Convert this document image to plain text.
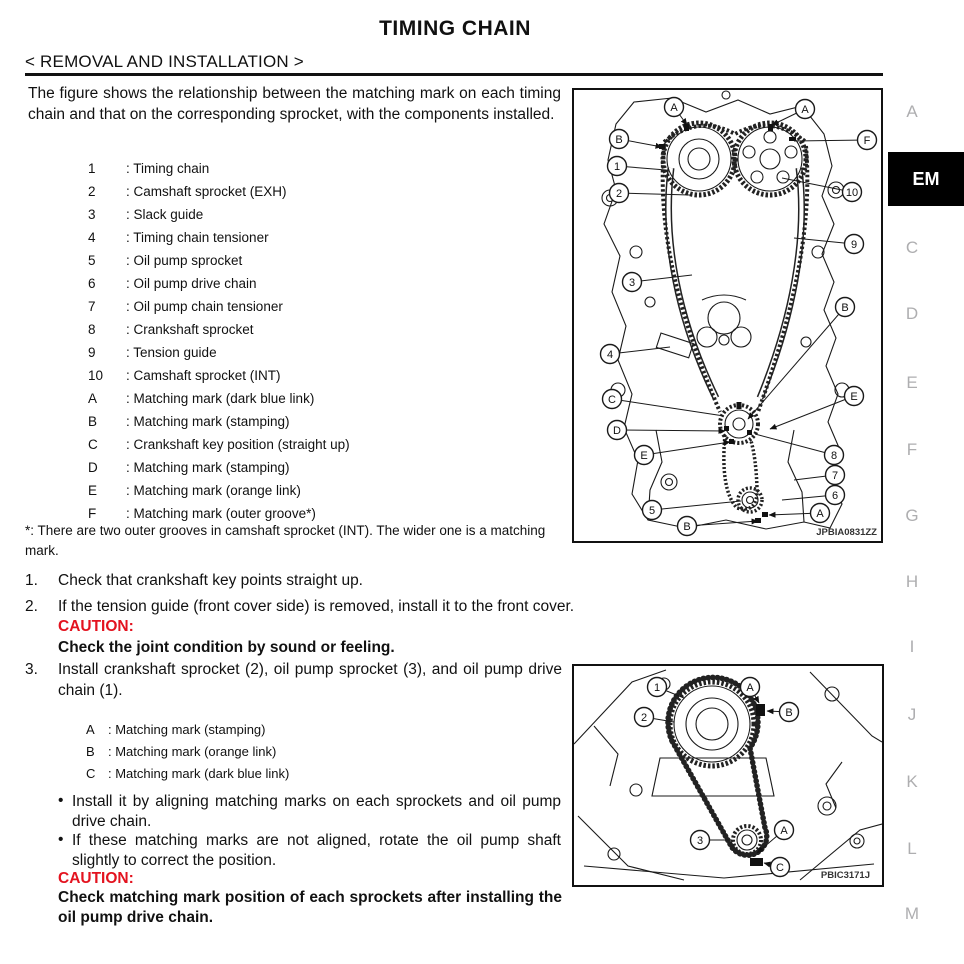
TIMING CHAIN
< REMOVAL AND INSTALLATION >
The figure shows the relationship between the matching mark on each timing chain and that on the corresponding sprocket, with the components installed.
1	: Timing chain
2	: Camshaft sprocket (EXH)
3	: Slack guide
4	: Timing chain tensioner
5	: Oil pump sprocket
6	: Oil pump drive chain
7	: Oil pump chain tensioner
8	: Crankshaft sprocket
9	: Tension guide
10	: Camshaft sprocket (INT)
A	: Matching mark (dark blue link)
B	: Matching mark (stamping)
C	: Crankshaft key position (straight up)
D	: Matching mark (stamping)
E	: Matching mark (orange link)
F	: Matching mark (outer groove*)
*: There are two outer grooves in camshaft sprocket (INT). The wider one is a matching mark.
1. Check that crankshaft key points straight up.
2. If the tension guide (front cover side) is removed, install it to the front cover.
CAUTION:
Check the joint condition by sound or feeling.
3. Install crankshaft sprocket (2), oil pump sprocket (3), and oil pump drive chain (1).
A	: Matching mark (stamping)
B	: Matching mark (orange link)
C : Matching mark (dark blue link)
• Install it by aligning matching marks on each sprockets and oil pump drive chain.
• If these matching marks are not aligned, rotate the oil pump shaft slightly to correct the position.
CAUTION:
Check matching mark position of each sprockets after installing the oil pump drive chain.
A	A
B	F
1
2	10
9
3
B
4
C
D
E
E
8
7
6
5
B
A
JPBIA0831ZZ
1
2
A
B
3
A
C
PBIC3171J
A
EM
C
D
E
F
G
H
I
J
K
L
M
